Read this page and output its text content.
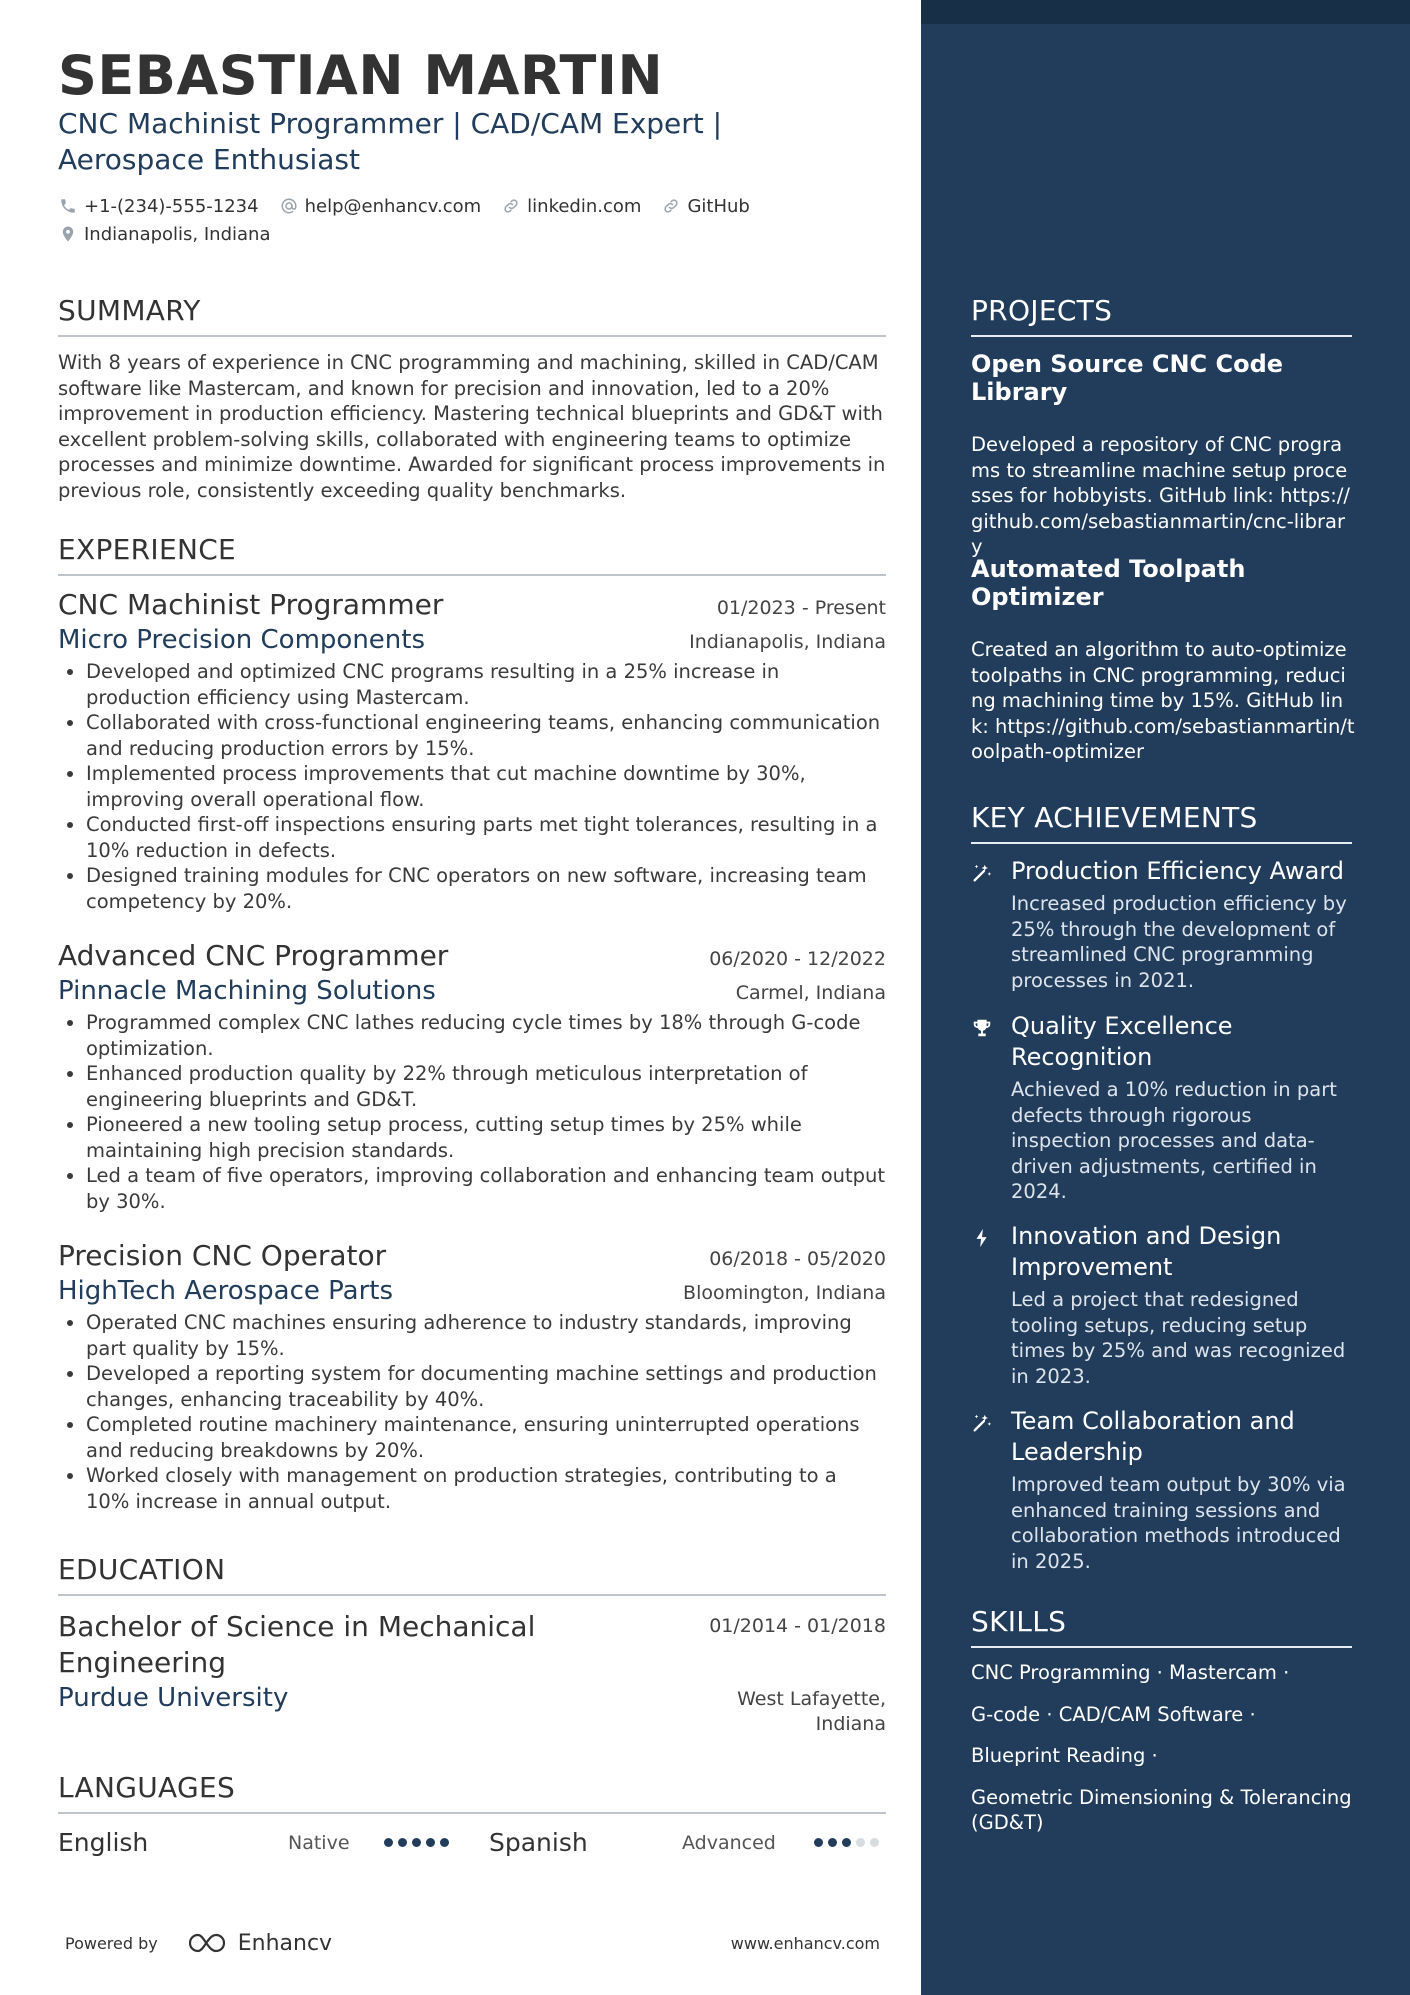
SEBASTIAN MARTIN
CNC Machinist Programmer | CAD/CAM Expert | Aerospace Enthusiast
+1-(234)-555-1234	help@enhancv.com	linkedin.com	GitHub
Indianapolis, Indiana
SUMMARY
With 8 years of experience in CNC programming and machining, skilled in CAD/CAM software like Mastercam, and known for precision and innovation, led to a 20% improvement in production efficiency. Mastering technical blueprints and GD&T with excellent problem-solving skills, collaborated with engineering teams to optimize processes and minimize downtime. Awarded for significant process improvements in previous role, consistently exceeding quality benchmarks.
EXPERIENCE
CNC Machinist Programmer	01/2023 - Present
Micro Precision Components	Indianapolis, Indiana
• Developed and optimized CNC programs resulting in a 25% increase in production efficiency using Mastercam.
• Collaborated with cross-functional engineering teams, enhancing communication and reducing production errors by 15%.
• Implemented process improvements that cut machine downtime by 30%, improving overall operational flow.
• Conducted first-off inspections ensuring parts met tight tolerances, resulting in a 10% reduction in defects.
• Designed training modules for CNC operators on new software, increasing team competency by 20%.
Advanced CNC Programmer	06/2020 - 12/2022
Pinnacle Machining Solutions	Carmel, Indiana
• Programmed complex CNC lathes reducing cycle times by 18% through G-code optimization.
• Enhanced production quality by 22% through meticulous interpretation of engineering blueprints and GD&T.
• Pioneered a new tooling setup process, cutting setup times by 25% while maintaining high precision standards.
• Led a team of five operators, improving collaboration and enhancing team output by 30%.
Precision CNC Operator	06/2018 - 05/2020
HighTech Aerospace Parts	Bloomington, Indiana
• Operated CNC machines ensuring adherence to industry standards, improving part quality by 15%.
• Developed a reporting system for documenting machine settings and production changes, enhancing traceability by 40%.
• Completed routine machinery maintenance, ensuring uninterrupted operations and reducing breakdowns by 20%.
• Worked closely with management on production strategies, contributing to a 10% increase in annual output.
EDUCATION
Bachelor of Science in Mechanical Engineering
01/2014 - 01/2018
Purdue University	West Lafayette, Indiana
LANGUAGES
English	Native	Spanish	Advanced
Powered by	Enhancv	www.enhancv.com
PROJECTS
Open Source CNC Code Library
Developed a repository of CNC programs to streamline machine setup processes for hobbyists. GitHub link: https://github.com/sebastianmartin/cnc-library
Automated Toolpath Optimizer
Created an algorithm to auto-optimize toolpaths in CNC programming, reducing machining time by 15%. GitHub link: https://github.com/sebastianmartin/toolpath-optimizer
KEY ACHIEVEMENTS
Production Efficiency Award
Increased production efficiency by 25% through the development of streamlined CNC programming processes in 2021.
Quality Excellence Recognition
Achieved a 10% reduction in part defects through rigorous inspection processes and data-driven adjustments, certified in 2024.
Innovation and Design Improvement
Led a project that redesigned tooling setups, reducing setup times by 25% and was recognized in 2023.
Team Collaboration and Leadership
Improved team output by 30% via enhanced training sessions and collaboration methods introduced in 2025.
SKILLS
CNC Programming · Mastercam ·
G-code · CAD/CAM Software ·
Blueprint Reading ·
Geometric Dimensioning & Tolerancing (GD&T)
